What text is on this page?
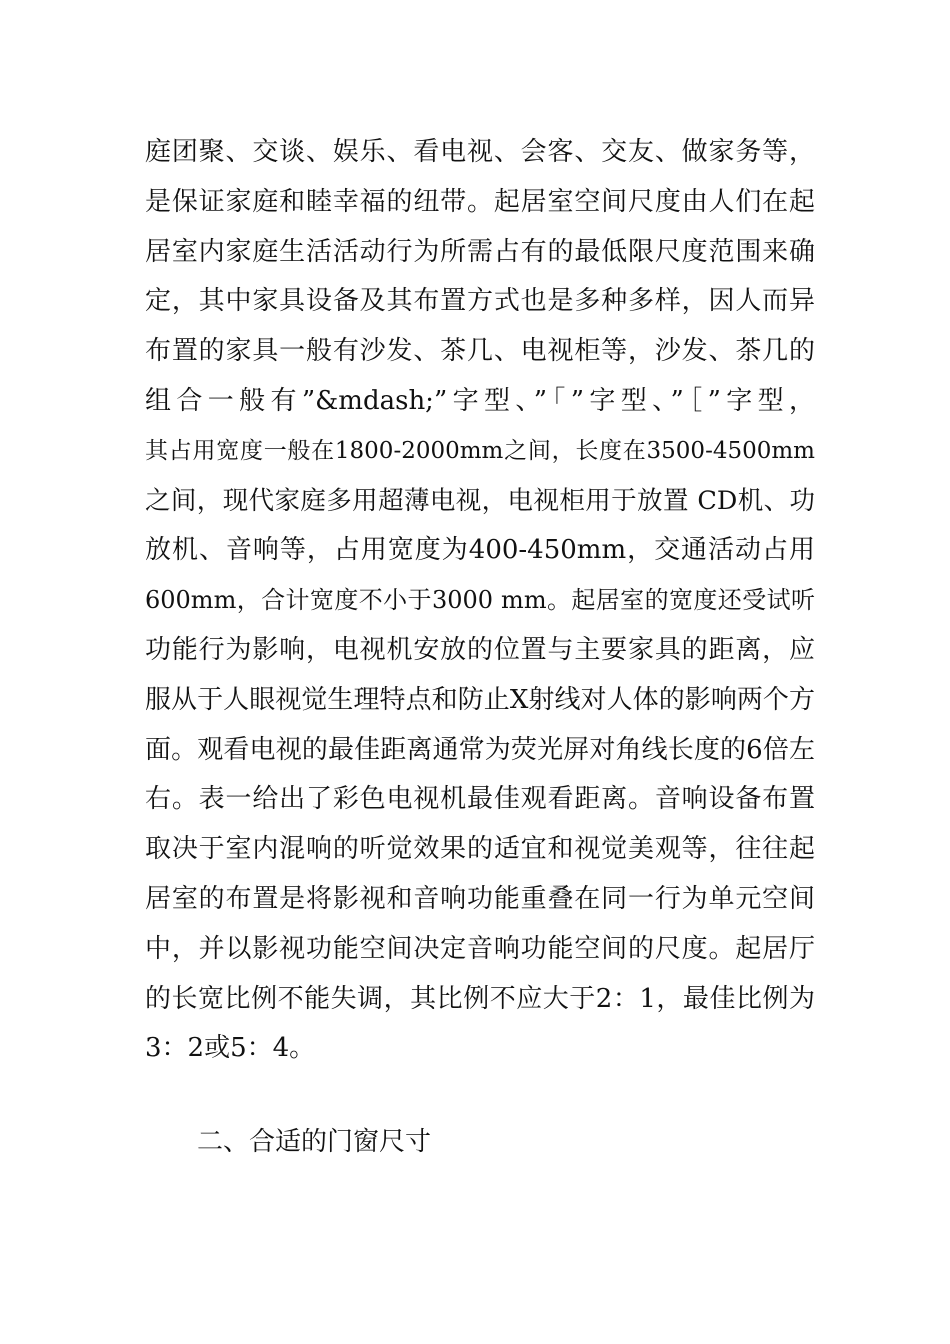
庭团聚、交谈、娱乐、看电视、会客、交友、做家务等，
是保证家庭和睦幸福的纽带。起居室空间尺度由人们在起
居室内家庭生活活动行为所需占有的最低限尺度范围来确
定，其中家具设备及其布置方式也是多种多样，因人而异
布置的家具一般有沙发、茶几、电视柜等，沙发、茶几的
组合一般有”&mdash;”字型、”「”字型、”［”字型，
其占用宽度一般在1800-2000mm之间，长度在3500-4500mm
之间，现代家庭多用超薄电视，电视柜用于放置 CD机、功
放机、音响等，占用宽度为400-450mm，交通活动占用
600mm，合计宽度不小于3000 mm。起居室的宽度还受试听
功能行为影响，电视机安放的位置与主要家具的距离，应
服从于人眼视觉生理特点和防止X射线对人体的影响两个方
面。观看电视的最佳距离通常为荧光屏对角线长度的6倍左
右。表一给出了彩色电视机最佳观看距离。音响设备布置
取决于室内混响的听觉效果的适宜和视觉美观等，往往起
居室的布置是将影视和音响功能重叠在同一行为单元空间
中，并以影视功能空间决定音响功能空间的尺度。起居厅
的长宽比例不能失调，其比例不应大于2：1，最佳比例为
3：2或5：4。
二、合适的门窗尺寸
